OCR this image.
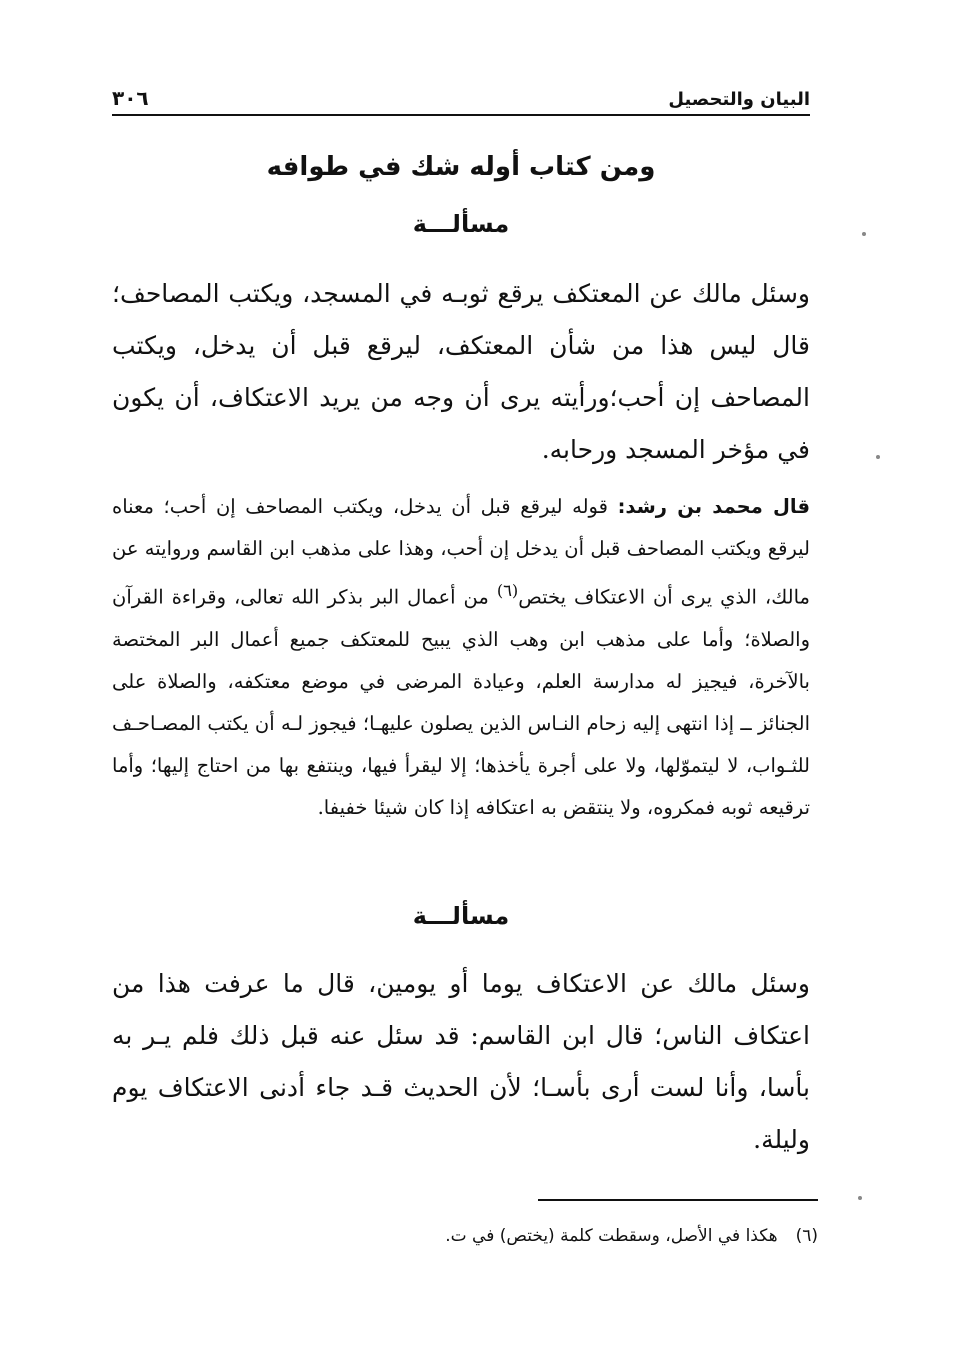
البيان والتحصيل
٣٠٦
ومن كتاب أوله شك في طوافه
مسألـــة

وسئل مالك عن المعتكف يرقع ثوبـه في المسجد، ويكتب المصاحف؛ قال ليس هذا من شأن المعتكف، ليرقع قبل أن يدخل، ويكتب المصاحف إن أحب؛ورأيته يرى أن وجه من يريد الاعتكاف، أن يكون في مؤخر المسجد ورحابه.

قال محمد بن رشد: قوله ليرقع قبل أن يدخل، ويكتب المصاحف إن أحب؛ معناه ليرقع ويكتب المصاحف قبل أن يدخل إن أحب، وهذا على مذهب ابن القاسم وروايته عن مالك، الذي يرى أن الاعتكاف يختص$^{(٦)}$ من أعمال البر بذكر الله تعالى، وقراءة القرآن والصلاة؛ وأما على مذهب ابن وهب الذي يبيح للمعتكف جميع أعمال البر المختصة بالآخرة، فيجيز له مدارسة العلم، وعيادة المرضى في موضع معتكفه، والصلاة على الجنائز ــ إذا انتهى إليه زحام النـاس الذين يصلون عليهـا؛ فيجوز لـه أن يكتب المصـاحـف للثـواب، لا ليتموّلها، ولا على أجرة يأخذها؛ إلا ليقرأ فيها، وينتفع بها من احتاج إليها؛ وأما ترقيعه ثوبه فمكروه، ولا ينتقض به اعتكافه إذا كان شيئا خفيفا.

مسألـــة

وسئل مالك عن الاعتكاف يوما أو يومين، قال ما عرفت هذا من اعتكاف الناس؛ قال ابن القاسم: قد سئل عنه قبل ذلك فلم يـر به بأسا، وأنا لست أرى بأسـا؛ لأن الحديث قـد جاء أدنى الاعتكاف يوم وليلة.

(٦)هكذا في الأصل، وسقطت كلمة (يختص) في ت.
